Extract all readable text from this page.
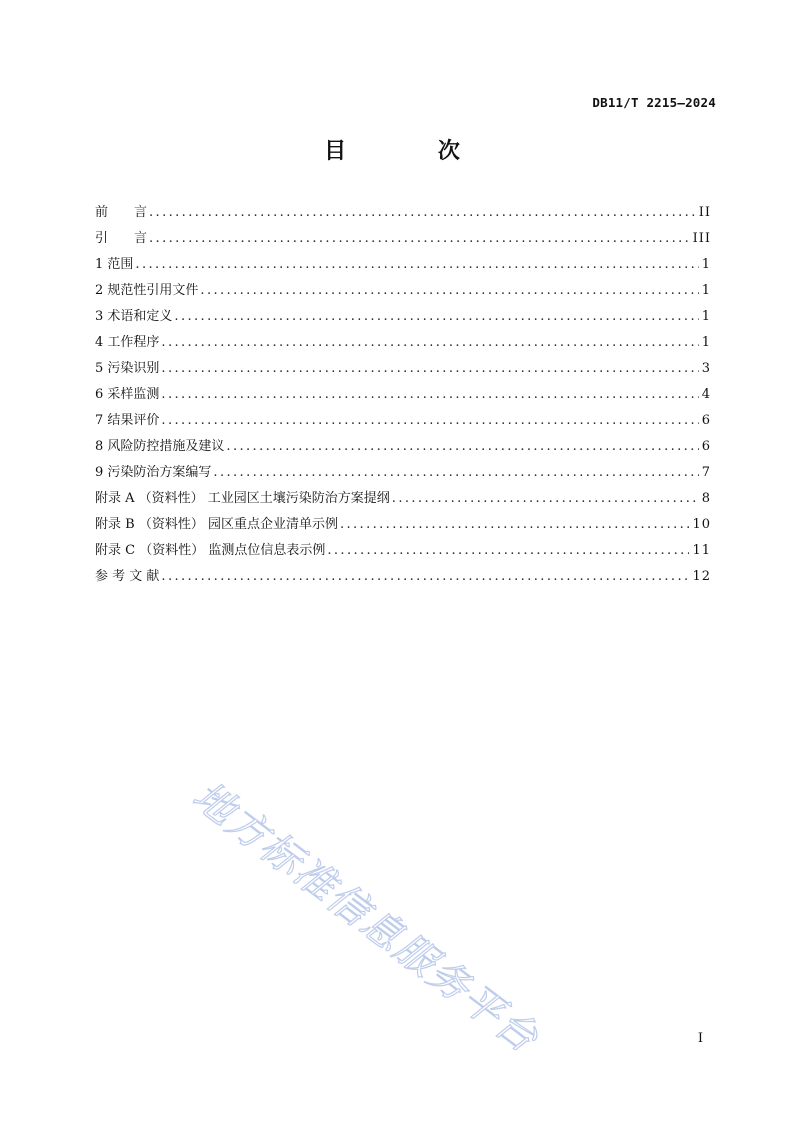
DB11/T 2215—2024
目 次
前　　言 .....	II
引　　言 .....	III
1 范围 .....	1
2 规范性引用文件 .....	1
3 术语和定义 .....	1
4 工作程序 .....	1
5 污染识别 .....	3
6 采样监测 .....	4
7 结果评价 .....	6
8 风险防控措施及建议 .....	6
9 污染防治方案编写 .....	7
附录 A （资料性） 工业园区土壤污染防治方案提纲 .....	8
附录 B （资料性） 园区重点企业清单示例 .....	10
附录 C （资料性） 监测点位信息表示例 .....	11
参 考 文 献 .....	12
地方标准信息服务平台	I
